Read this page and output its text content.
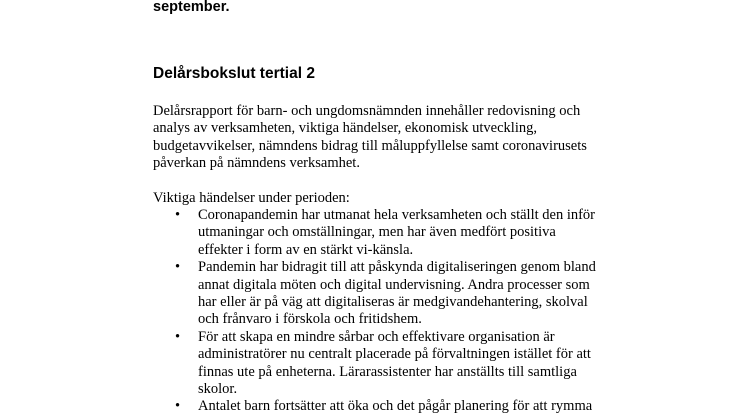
september.

Delårsbokslut tertial 2

Delårsrapport för barn- och ungdomsnämnden innehåller redovisning och
analys av verksamheten, viktiga händelser, ekonomisk utveckling,
budgetavvikelser, nämndens bidrag till måluppfyllelse samt coronavirusets
påverkan på nämndens verksamhet.

Viktiga händelser under perioden:

• Coronapandemin har utmanat hela verksamheten och ställt den inför
utmaningar och omställningar, men har även medfört positiva
effekter i form av en stärkt vi-känsla.
• Pandemin har bidragit till att påskynda digitaliseringen genom bland
annat digitala möten och digital undervisning. Andra processer som
har eller är på väg att digitaliseras är medgivandehantering, skolval
och frånvaro i förskola och fritidshem.
• För att skapa en mindre sårbar och effektivare organisation är
administratörer nu centralt placerade på förvaltningen istället för att
finnas ute på enheterna. Lärarassistenter har anställts till samtliga
skolor.
• Antalet barn fortsätter att öka och det pågår planering för att rymma
